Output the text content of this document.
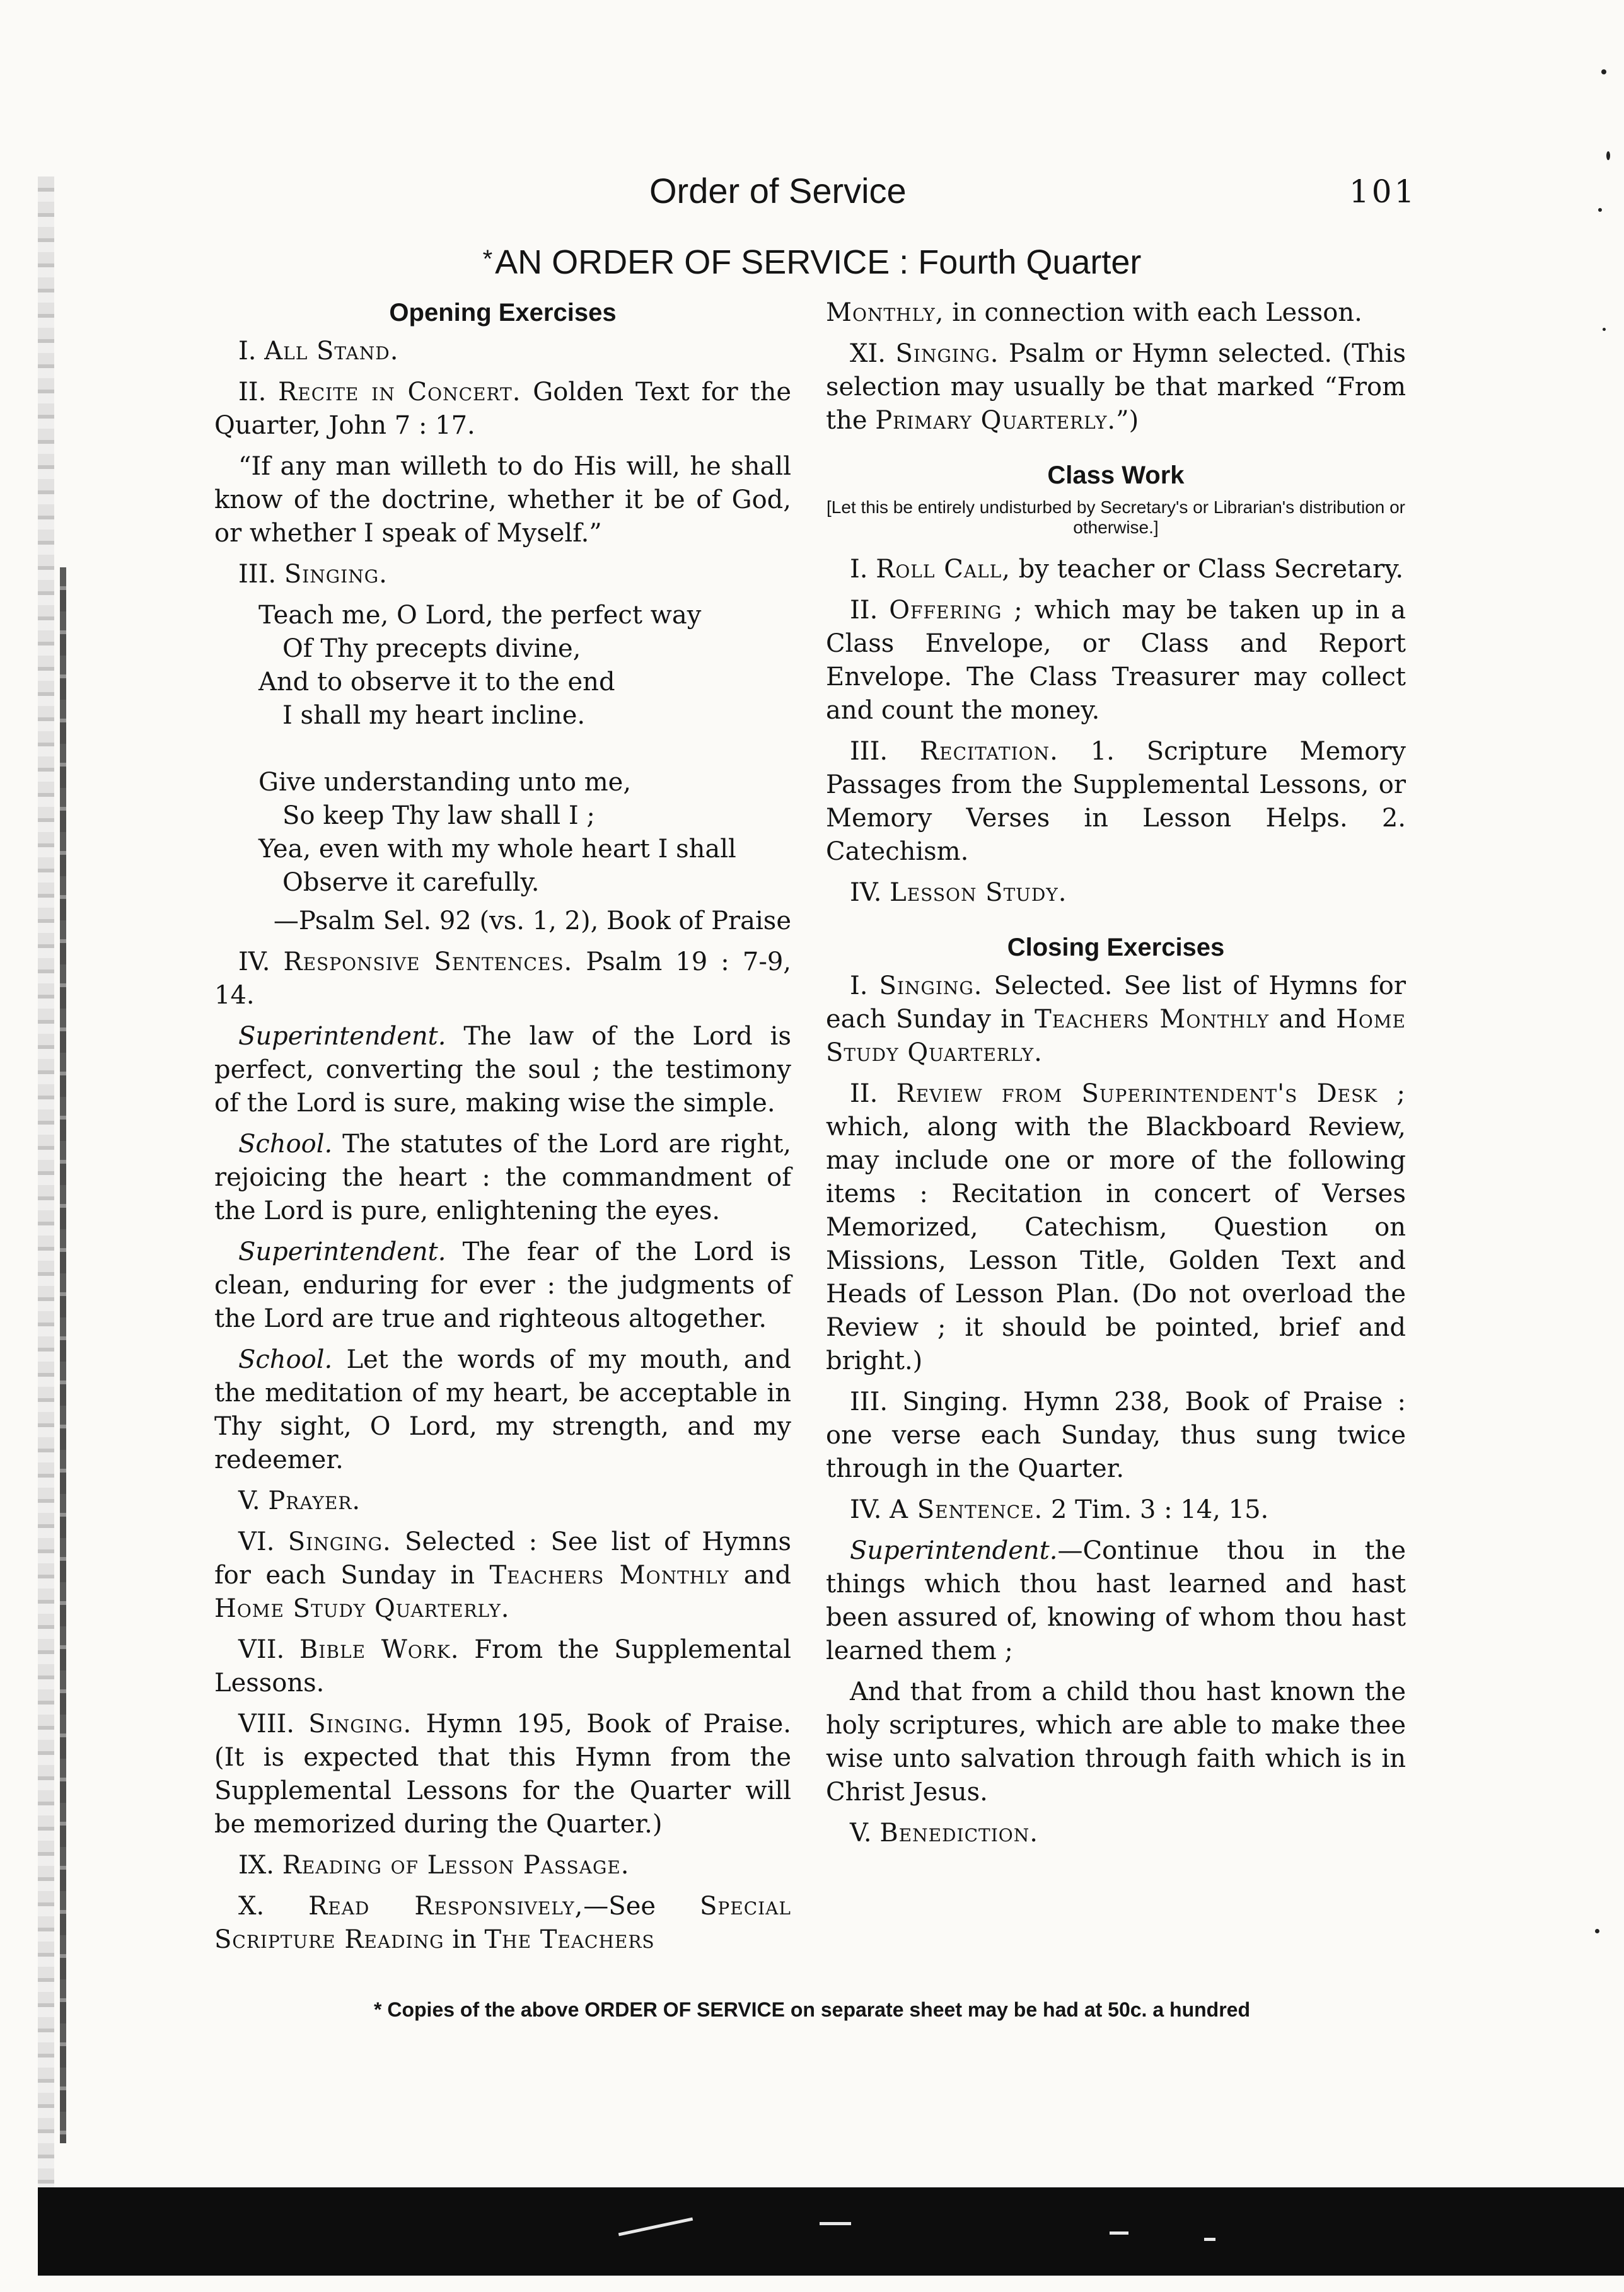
Order of Service	101
*AN ORDER OF SERVICE : Fourth Quarter
Opening Exercises

I. All Stand.

II. Recite in Concert. Golden Text for the Quarter, John 7 : 17.

“If any man willeth to do His will, he shall know of the doctrine, whether it be of God, or whether I speak of Myself.”

III. Singing.

Teach me, O Lord, the perfect way
Of Thy precepts divine,
And to observe it to the end
I shall my heart incline.
Give understanding unto me,
So keep Thy law shall I ;
Yea, even with my whole heart I shall
Observe it carefully.
—Psalm Sel. 92 (vs. 1, 2), Book of Praise

IV. Responsive Sentences. Psalm 19 : 7-9, 14.

Superintendent. The law of the Lord is perfect, converting the soul ; the testimony of the Lord is sure, making wise the simple.

School. The statutes of the Lord are right, rejoicing the heart : the commandment of the Lord is pure, enlightening the eyes.

Superintendent. The fear of the Lord is clean, enduring for ever : the judgments of the Lord are true and righteous altogether.

School. Let the words of my mouth, and the meditation of my heart, be acceptable in Thy sight, O Lord, my strength, and my redeemer.

V. Prayer.

VI. Singing. Selected : See list of Hymns for each Sunday in Teachers Monthly and Home Study Quarterly.

VII. Bible Work. From the Supplemental Lessons.

VIII. Singing. Hymn 195, Book of Praise. (It is expected that this Hymn from the Supplemental Lessons for the Quarter will be memorized during the Quarter.)

IX. Reading of Lesson Passage.

X. Read Responsively,—See Special Scripture Reading in The Teachers

Monthly, in connection with each Lesson.

XI. Singing. Psalm or Hymn selected. (This selection may usually be that marked “From the Primary Quarterly.”)

Class Work
[Let this be entirely undisturbed by Secretary's or Librarian's distribution or otherwise.]

I. Roll Call, by teacher or Class Secretary.

II. Offering ; which may be taken up in a Class Envelope, or Class and Report Envelope. The Class Treasurer may collect and count the money.

III. Recitation. 1. Scripture Memory Passages from the Supplemental Lessons, or Memory Verses in Lesson Helps. 2. Catechism.

IV. Lesson Study.

Closing Exercises

I. Singing. Selected. See list of Hymns for each Sunday in Teachers Monthly and Home Study Quarterly.

II. Review from Superintendent's Desk ; which, along with the Blackboard Review, may include one or more of the following items : Recitation in concert of Verses Memorized, Catechism, Question on Missions, Lesson Title, Golden Text and Heads of Lesson Plan. (Do not overload the Review ; it should be pointed, brief and bright.)

III. Singing. Hymn 238, Book of Praise : one verse each Sunday, thus sung twice through in the Quarter.

IV. A Sentence. 2 Tim. 3 : 14, 15.

Superintendent.—Continue thou in the things which thou hast learned and hast been assured of, knowing of whom thou hast learned them ;

And that from a child thou hast known the holy scriptures, which are able to make thee wise unto salvation through faith which is in Christ Jesus.

V. Benediction.

* Copies of the above ORDER OF SERVICE on separate sheet may be had at 50c. a hundred
